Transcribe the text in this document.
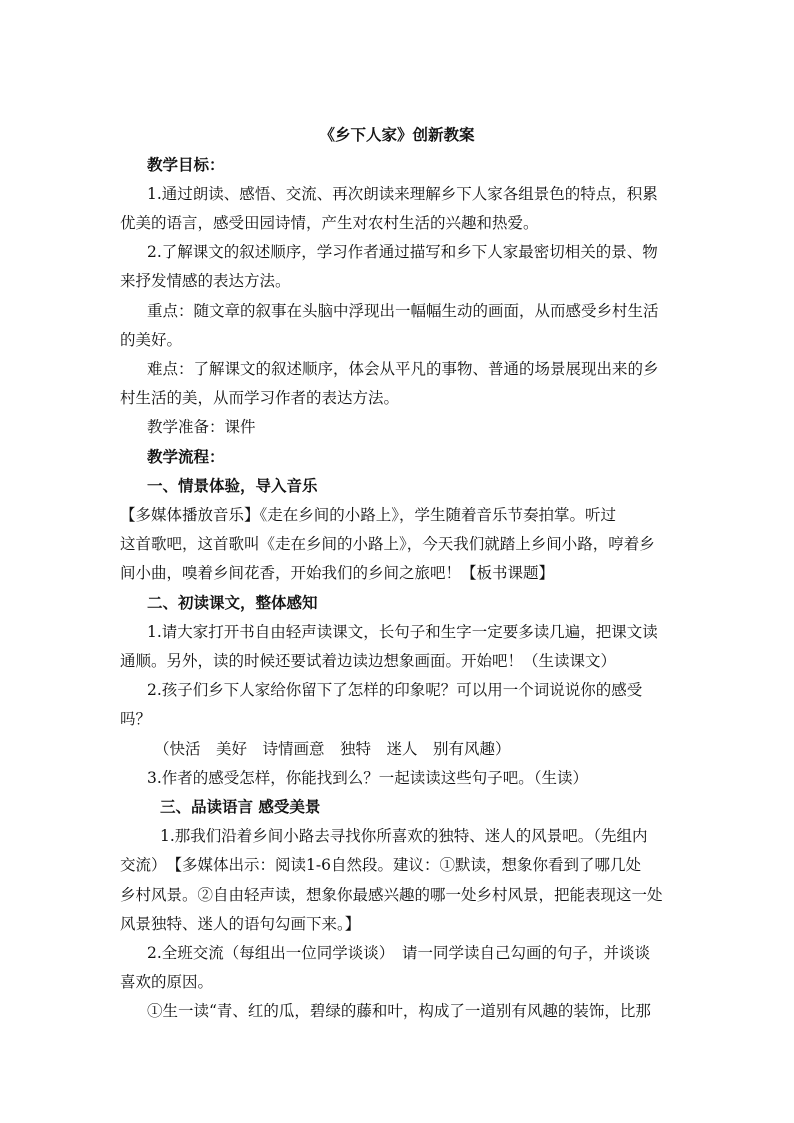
《乡下人家》创新教案
教学目标：
1.通过朗读、感悟、交流、再次朗读来理解乡下人家各组景色的特点，积累
优美的语言，感受田园诗情，产生对农村生活的兴趣和热爱。
2.了解课文的叙述顺序，学习作者通过描写和乡下人家最密切相关的景、物
来抒发情感的表达方法。
重点：随文章的叙事在头脑中浮现出一幅幅生动的画面，从而感受乡村生活
的美好。
难点：了解课文的叙述顺序，体会从平凡的事物、普通的场景展现出来的乡
村生活的美，从而学习作者的表达方法。
教学准备：课件
教学流程：
一、情景体验，导入音乐
【多媒体播放音乐】《走在乡间的小路上》，学生随着音乐节奏拍掌。听过
这首歌吧，这首歌叫《走在乡间的小路上》，今天我们就踏上乡间小路，哼着乡
间小曲，嗅着乡间花香，开始我们的乡间之旅吧！【板书课题】
二、初读课文，整体感知
1.请大家打开书自由轻声读课文，长句子和生字一定要多读几遍，把课文读
通顺。另外，读的时候还要试着边读边想象画面。开始吧！（生读课文）
2.孩子们乡下人家给你留下了怎样的印象呢？可以用一个词说说你的感受
吗？
（快活　美好　诗情画意　独特　迷人　别有风趣）
3.作者的感受怎样，你能找到么？一起读读这些句子吧。（生读）
三、品读语言 感受美景
1.那我们沿着乡间小路去寻找你所喜欢的独特、迷人的风景吧。（先组内
交流）　【多媒体出示：阅读1-6自然段。建议：①默读，想象你看到了哪几处
乡村风景。②自由轻声读，想象你最感兴趣的哪一处乡村风景，把能表现这一处
风景独特、迷人的语句勾画下来。】
2.全班交流（每组出一位同学谈谈）　请一同学读自己勾画的句子，并谈谈
喜欢的原因。
①生一读“青、红的瓜，碧绿的藤和叶，构成了一道别有风趣的装饰，比那
